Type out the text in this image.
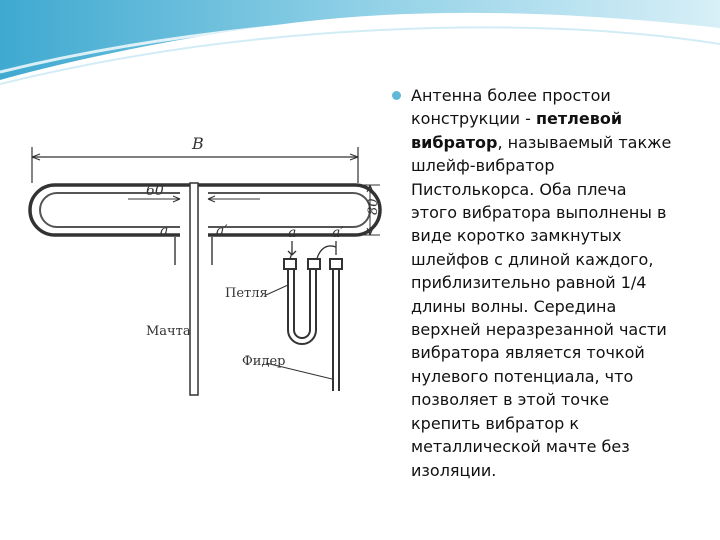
B
60
80
a	a′	a	a′
Петля
Мачта
Фидер
Антенна более простои конструкции - петлевой вибратор, называемый также шлейф-вибратор Пистолькорса. Оба плеча этого вибратора выполнены в виде коротко замкнутых шлейфов с длиной каждого, приблизительно равной 1/4 длины волны. Середина верхней неразрезанной части вибратора является точкой нулевого потенциала, что позволяет в этой точке крепить вибратор к металлической мачте без изоляции.
